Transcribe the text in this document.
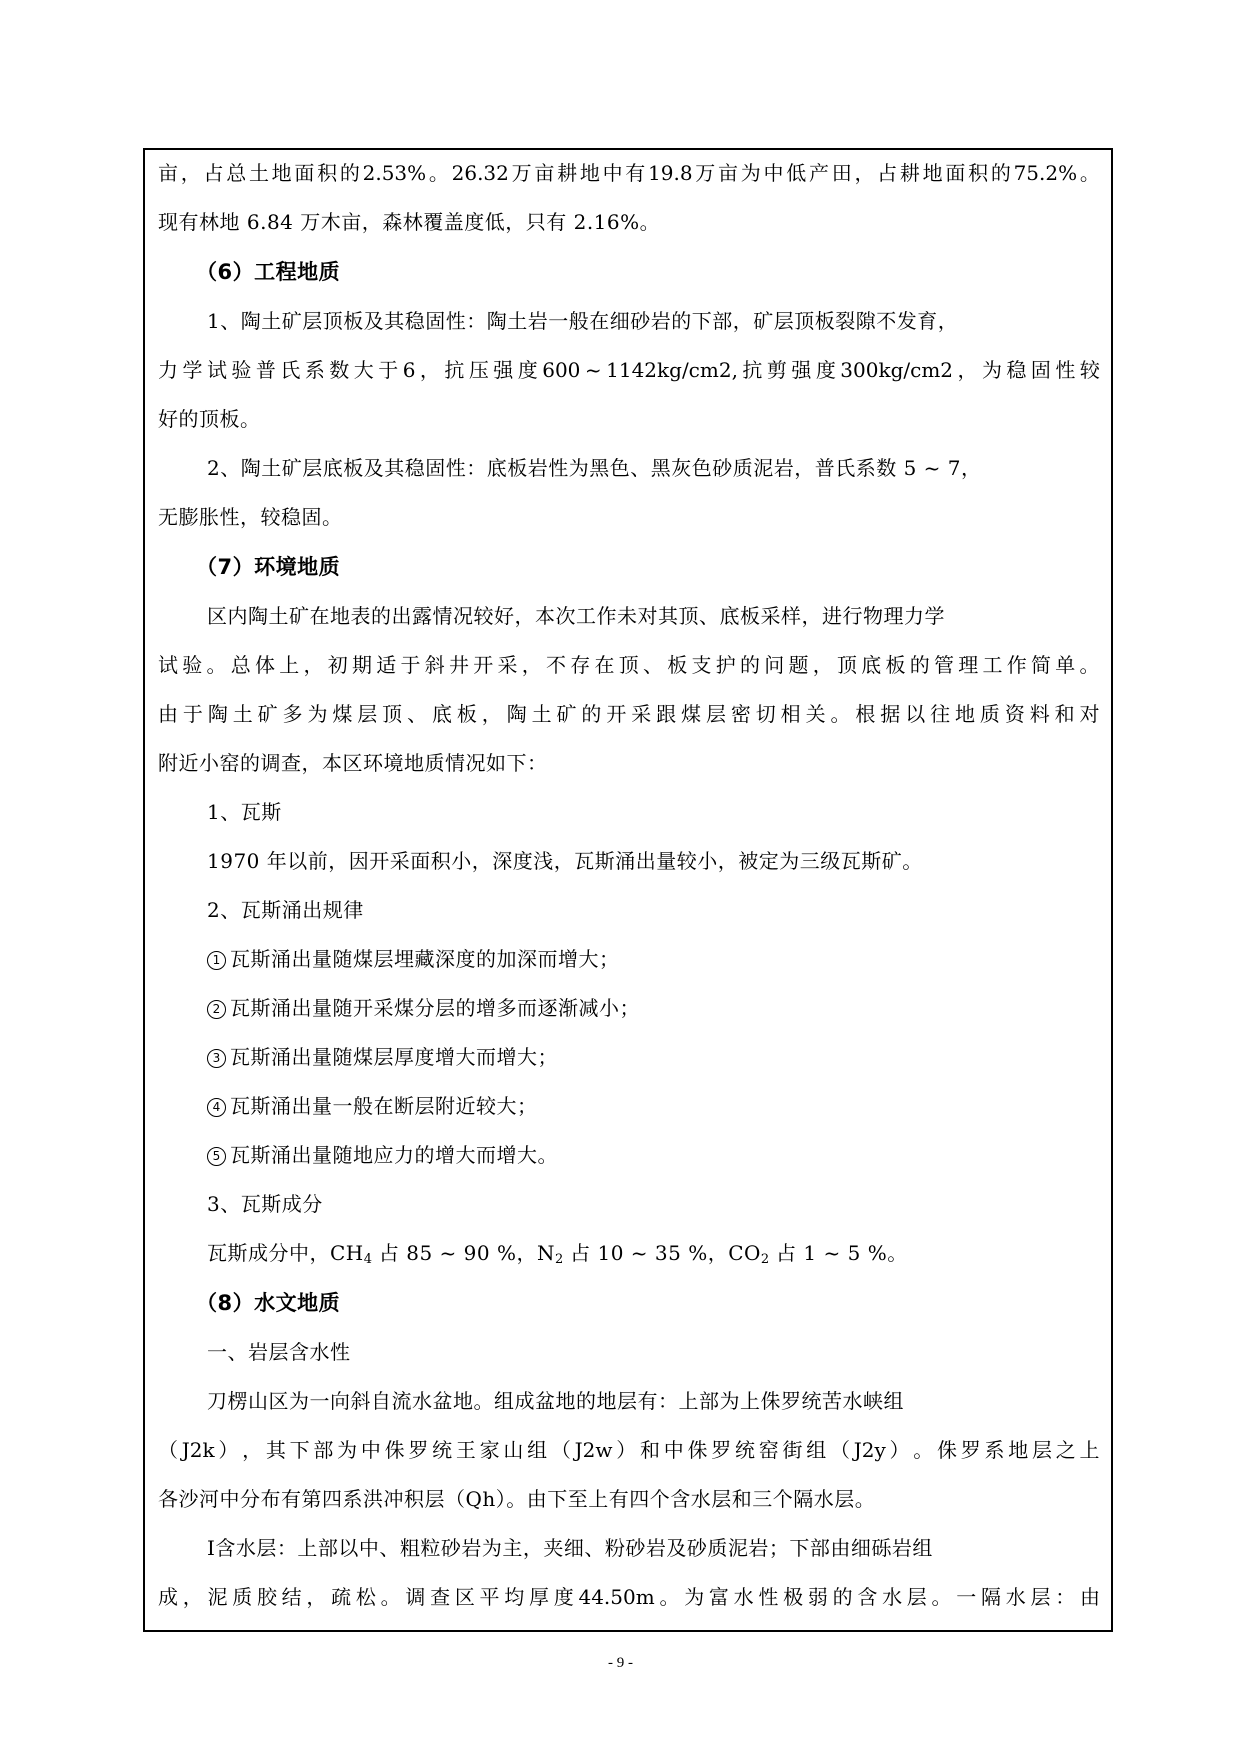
亩 ， 占 总 土 地 面 积 的 2.53% 。 26.32 万 亩 耕 地 中 有 19.8 万 亩 为 中 低 产 田 ， 占 耕 地 面 积 的 75.2% 。
现有林地 6.84 万木亩，森林覆盖度低，只有 2.16%。
（6）工程地质
1、陶土矿层顶板及其稳固性：陶土岩一般在细砂岩的下部，矿层顶板裂隙不发育，
力 学 试 验 普 氏 系 数 大 于 6 ， 抗 压 强 度 600 ~ 1142kg/cm2, 抗 剪 强 度 300kg/cm2 ， 为 稳 固 性 较
好的顶板。
2、陶土矿层底板及其稳固性：底板岩性为黑色、黑灰色砂质泥岩，普氏系数 5 ~ 7，
无膨胀性，较稳固。
（7）环境地质
区内陶土矿在地表的出露情况较好，本次工作未对其顶、底板采样，进行物理力学
试 验 。 总 体 上 ， 初 期 适 于 斜 井 开 采 ， 不 存 在 顶 、 板 支 护 的 问 题 ， 顶 底 板 的 管 理 工 作 简 单 。
由 于 陶 土 矿 多 为 煤 层 顶 、 底 板 ， 陶 土 矿 的 开 采 跟 煤 层 密 切 相 关 。 根 据 以 往 地 质 资 料 和 对
附近小窑的调查，本区环境地质情况如下：
1、瓦斯
1970 年以前，因开采面积小，深度浅，瓦斯涌出量较小，被定为三级瓦斯矿。
2、瓦斯涌出规律
1 瓦斯涌出量随煤层埋藏深度的加深而增大；
2 瓦斯涌出量随开采煤分层的增多而逐渐减小；
3 瓦斯涌出量随煤层厚度增大而增大；
4 瓦斯涌出量一般在断层附近较大；
5 瓦斯涌出量随地应力的增大而增大。
3、瓦斯成分
瓦斯成分中，$CH_4$ 占 85 ~ 90 %，$N_2$ 占 10 ~ 35 %，$CO_2$ 占 1 ~ 5 %。
（8）水文地质
一、岩层含水性
刀楞山区为一向斜自流水盆地。组成盆地的地层有：上部为上侏罗统苦水峡组
（ J2k ） ， 其 下 部 为 中 侏 罗 统 王 家 山 组 （ J2w ） 和 中 侏 罗 统 窑 街 组 （ J2y ） 。 侏 罗 系 地 层 之 上
各沙河中分布有第四系洪冲积层（Qh）。由下至上有四个含水层和三个隔水层。
Ⅰ含水层：上部以中、粗粒砂岩为主，夹细、粉砂岩及砂质泥岩；下部由细砾岩组
成 ， 泥 质 胶 结 ， 疏 松 。 调 查 区 平 均 厚 度 44.50m 。 为 富 水 性 极 弱 的 含 水 层 。 一 隔 水 层 ： 由
- 9 -
